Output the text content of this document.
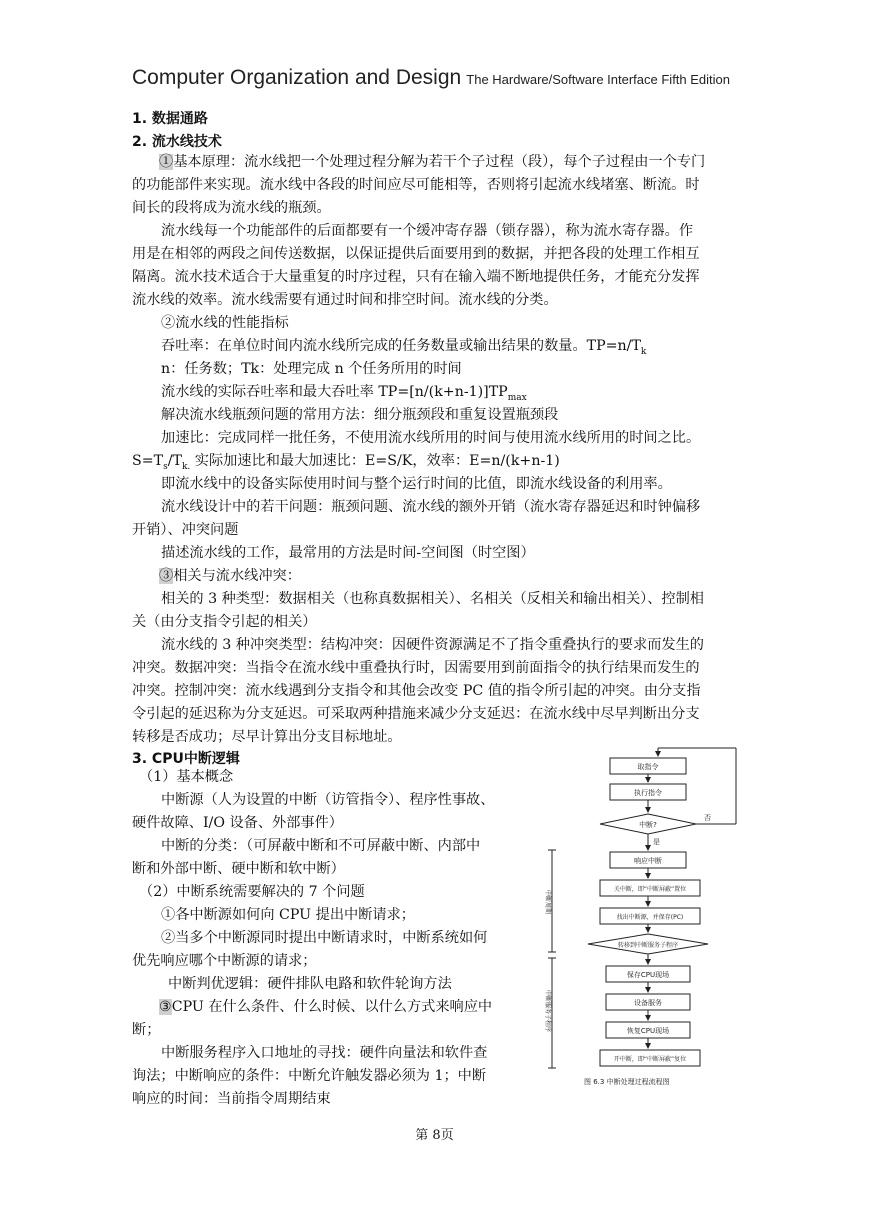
Computer Organization and Design The Hardware/Software Interface Fifth Edition
1. 数据通路
2. 流水线技术
①基本原理：流水线把一个处理过程分解为若干个子过程（段），每个子过程由一个专门
的功能部件来实现。流水线中各段的时间应尽可能相等，否则将引起流水线堵塞、断流。时
间长的段将成为流水线的瓶颈。
流水线每一个功能部件的后面都要有一个缓冲寄存器（锁存器），称为流水寄存器。作
用是在相邻的两段之间传送数据，以保证提供后面要用到的数据，并把各段的处理工作相互
隔离。流水技术适合于大量重复的时序过程，只有在输入端不断地提供任务，才能充分发挥
流水线的效率。流水线需要有通过时间和排空时间。流水线的分类。
②流水线的性能指标
吞吐率：在单位时间内流水线所完成的任务数量或输出结果的数量。$TP=n/T_k$
n：任务数；Tk：处理完成 n 个任务所用的时间
流水线的实际吞吐率和最大吞吐率 $TP=[n/(k+n-1)]TP_{max}$
解决流水线瓶颈问题的常用方法：细分瓶颈段和重复设置瓶颈段
加速比：完成同样一批任务，不使用流水线所用的时间与使用流水线所用的时间之比。
$S=T_s/T_{k.}$ 实际加速比和最大加速比：E=S/K，效率：E=n/(k+n-1)
即流水线中的设备实际使用时间与整个运行时间的比值，即流水线设备的利用率。
流水线设计中的若干问题：瓶颈问题、流水线的额外开销（流水寄存器延迟和时钟偏移
开销）、冲突问题
描述流水线的工作，最常用的方法是时间-空间图（时空图）
③相关与流水线冲突：
相关的 3 种类型：数据相关（也称真数据相关）、名相关（反相关和输出相关）、控制相
关（由分支指令引起的相关）
流水线的 3 种冲突类型：结构冲突：因硬件资源满足不了指令重叠执行的要求而发生的
冲突。数据冲突：当指令在流水线中重叠执行时，因需要用到前面指令的执行结果而发生的
冲突。控制冲突：流水线遇到分支指令和其他会改变 PC 值的指令所引起的冲突。由分支指
令引起的延迟称为分支延迟。可采取两种措施来减少分支延迟：在流水线中尽早判断出分支
转移是否成功；尽早计算出分支目标地址。
3. CPU中断逻辑
（1）基本概念
中断源（人为设置的中断（访管指令）、程序性事故、
硬件故障、I/O 设备、外部事件）
中断的分类：（可屏蔽中断和不可屏蔽中断、内部中
断和外部中断、硬中断和软中断）
（2）中断系统需要解决的 7 个问题
①各中断源如何向 CPU 提出中断请求；
②当多个中断源同时提出中断请求时，中断系统如何
优先响应哪个中断源的请求；
中断判优逻辑：硬件排队电路和软件轮询方法
③CPU 在什么条件、什么时候、以什么方式来响应中
断；
中断服务程序入口地址的寻找：硬件向量法和软件查
询法；中断响应的条件：中断允许触发器必须为 1；中断
响应的时间：当前指令周期结束
取指令
执行指令
中断?
否
是
响应中断
关中断，即“中断屏蔽”置位
找出中断源，并保存(PC)
转移到中断服务子程序
保存CPU现场
设备服务
恢复CPU现场
开中断，即“中断屏蔽”复位
中断周期
中断服务子程序
图 6.3 中断处理过程流程图
第 8页
